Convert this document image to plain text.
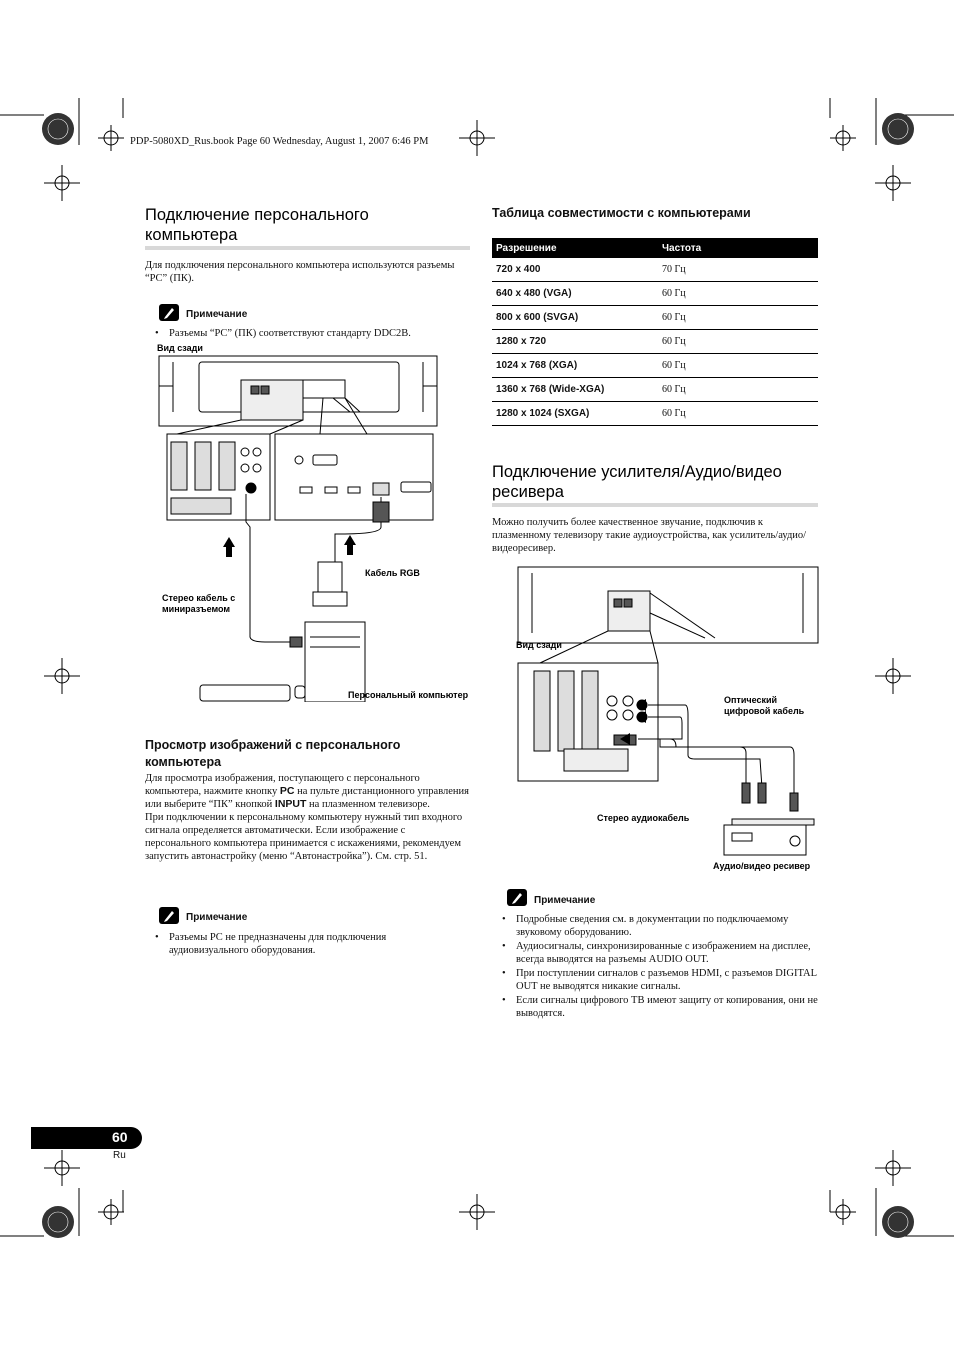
PDP-5080XD_Rus.book Page 60 Wednesday, August 1, 2007 6:46 PM
Подключение персонального компьютера

Для подключения персонального компьютера используются разъемы “PC” (ПК).

Примечание
• Разъемы “PC” (ПК) соответствуют стандарту DDC2B.
Вид сзади
Кабель RGB
Стерео кабель с
миниразъемом
Персональный компьютер
Просмотр изображений с персонального компьютера

Для просмотра изображения, поступающего с персонального компьютера, нажмите кнопку PC на пульте дистанционного управления или выберите “ПК” кнопкой INPUT на плазменном телевизоре.
При подключении к персональному компьютеру нужный тип входного сигнала определяется автоматически. Если изображение с персонального компьютера принимается с искажениями, рекомендуем запустить автонастройку (меню “Автонастройка”). См. стр. 51.

Примечание
• Разъемы PC не предназначены для подключения аудиовизуального оборудования.
Таблица совместимости с компьютерами
Разрешение	Частота
720 x 400	70 Гц
640 x 480 (VGA)	60 Гц
800 x 600 (SVGA)	60 Гц
1280 x 720	60 Гц
1024 x 768 (XGA)	60 Гц
1360 x 768 (Wide-XGA)	60 Гц
1280 x 1024 (SXGA)	60 Гц
Подключение усилителя/Аудио/видео ресивера

Можно получить более качественное звучание, подключив к плазменному телевизору такие аудиоустройства, как усилитель/аудио/видеоресивер.

Вид сзади
Оптический
цифровой кабель
Стерео аудиокабель
Аудио/видео ресивер
Примечание
• Подробные сведения см. в документации по подключаемому звуковому оборудованию.
• Аудиосигналы, синхронизированные с изображением на дисплее, всегда выводятся на разъемы AUDIO OUT.
• При поступлении сигналов с разъемов HDMI, с разъемов DIGITAL OUT не выводятся никакие сигналы.
• Если сигналы цифрового ТВ имеют защиту от копирования, они не выводятся.
60
Ru
